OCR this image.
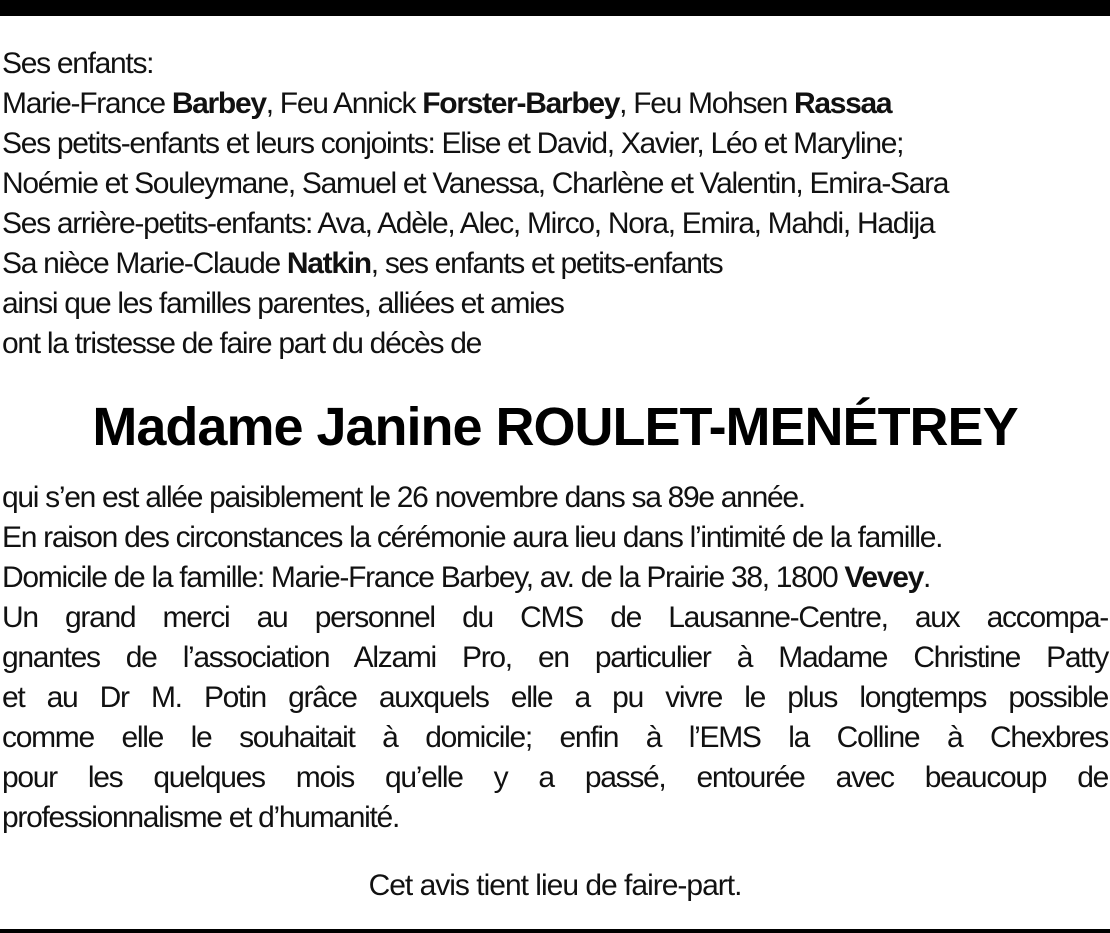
Ses enfants:
Marie-France Barbey, Feu Annick Forster-Barbey, Feu Mohsen Rassaa
Ses petits-enfants et leurs conjoints: Elise et David, Xavier, Léo et Maryline;
Noémie et Souleymane, Samuel et Vanessa, Charlène et Valentin, Emira-Sara
Ses arrière-petits-enfants: Ava, Adèle, Alec, Mirco, Nora, Emira, Mahdi, Hadija
Sa nièce Marie-Claude Natkin, ses enfants et petits-enfants
ainsi que les familles parentes, alliées et amies
ont la tristesse de faire part du décès de
Madame Janine ROULET-MENÉTREY
qui s’en est allée paisiblement le 26 novembre dans sa 89e année.
En raison des circonstances la cérémonie aura lieu dans l’intimité de la famille.
Domicile de la famille: Marie-France Barbey, av. de la Prairie 38, 1800 Vevey.
Un grand merci au personnel du CMS de Lausanne-Centre, aux accompa-
gnantes de l’association Alzami Pro, en particulier à Madame Christine Patty
et au Dr M. Potin grâce auxquels elle a pu vivre le plus longtemps possible
comme elle le souhaitait à domicile; enfin à l’EMS la Colline à Chexbres
pour les quelques mois qu’elle y a passé, entourée avec beaucoup de
professionnalisme et d’humanité.
Cet avis tient lieu de faire-part.
